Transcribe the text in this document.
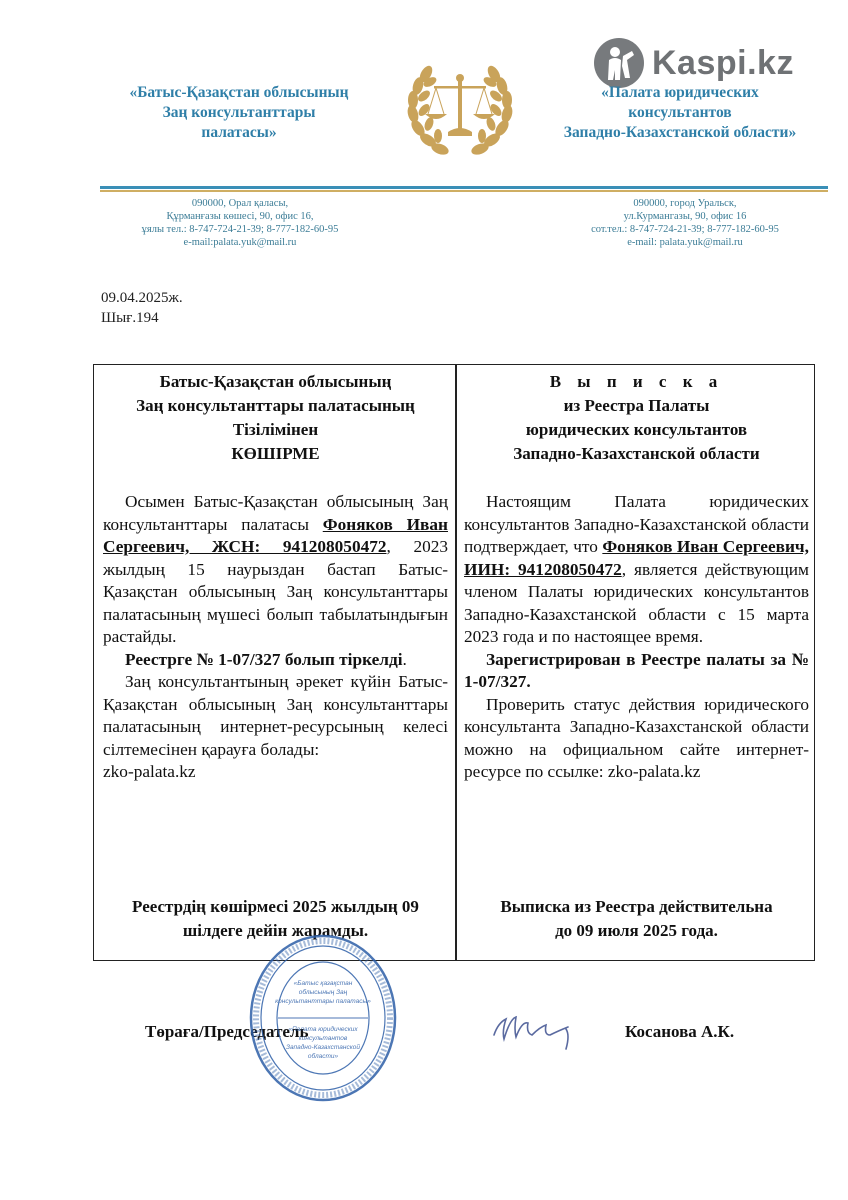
«Батыс-Қазақстан облысының
Заң консультанттары
палатасы»
Kaspi.kz
«Палата юридических
консультантов
Западно-Казахстанской области»
090000, Орал қаласы,
Құрманғазы көшесі, 90, офис 16,
ұялы тел.: 8-747-724-21-39; 8-777-182-60-95
e-mail:palata.yuk@mail.ru
090000, город Уральск,
ул.Курмангазы, 90, офис 16
сот.тел.: 8-747-724-21-39; 8-777-182-60-95
e-mail: palata.yuk@mail.ru
09.04.2025ж.
Шығ.194
Батыс-Қазақстан облысының
Заң консультанттары палатасының
Тізілімінен
КӨШІРМЕ

Осымен Батыс-Қазақстан облысының Заң консультанттары палатасы Фоняков Иван Сергеевич, ЖСН: 941208050472, 2023 жылдың 15 наурыздан бастап Батыс-Қазақстан облысының Заң консультанттары палатасының мүшесі болып табылатындығын растайды.

Реестрге № 1-07/327 болып тіркелді.

Заң консультантының әрекет күйін Батыс-Қазақстан облысының Заң консультанттары палатасының интернет-ресурсының келесі сілтемесінен қарауға болады:

zko-palata.kz

В ы п и с к а
из Реестра Палаты
юридических консультантов
Западно-Казахстанской области

Настоящим Палата юридических консультантов Западно-Казахстанской области подтверждает, что Фоняков Иван Сергеевич, ИИН: 941208050472, является действующим членом Палаты юридических консультантов Западно-Казахстанской области с 15 марта 2023 года и по настоящее время.

Зарегистрирован в Реестре палаты за № 1-07/327.

Проверить статус действия юридического консультанта Западно-Казахстанской области можно на официальном сайте интернет-ресурсе по ссылке: zko-palata.kz

Реестрдің көшірмесі 2025 жылдың 09
шілдеге дейін жарамды.
Выписка из Реестра действительна
до 09 июля 2025 года.
Төраға/Председатель
«Батыс қазақстан
облысының Заң
консультанттары палатасы»
«Палата юридических
консультантов
Западно-Казахстанской
области»
Косанова А.К.
